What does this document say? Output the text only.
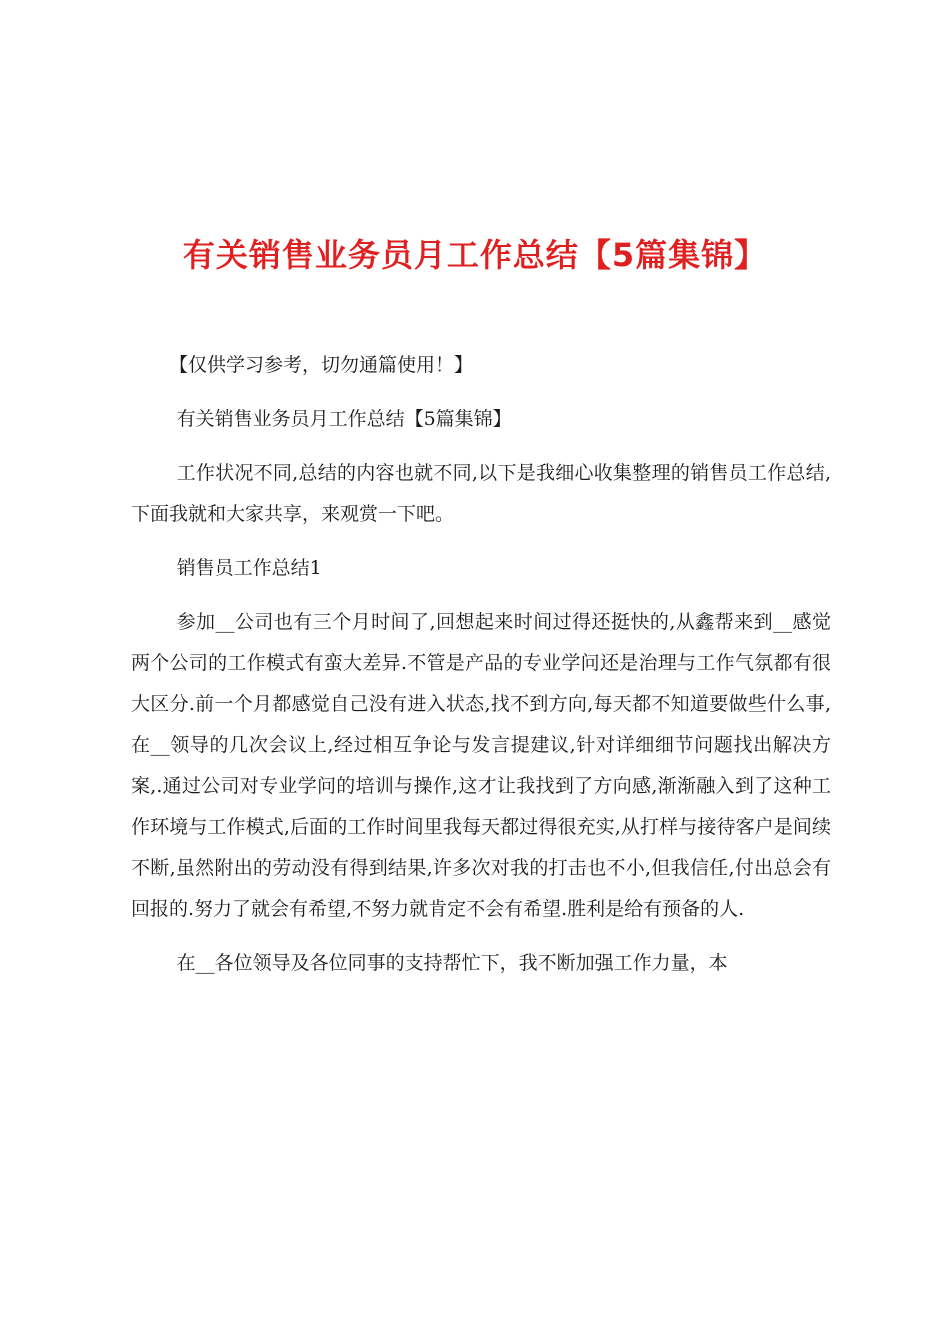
有关销售业务员月工作总结【5篇集锦】

【仅供学习参考，切勿通篇使用！】

有关销售业务员月工作总结【5篇集锦】

工作状况不同,总结的内容也就不同,以下是我细心收集整理的销售员工作总结,下面我就和大家共享，来观赏一下吧。

销售员工作总结1

参加__公司也有三个月时间了,回想起来时间过得还挺快的,从鑫帮来到__感觉两个公司的工作模式有蛮大差异.不管是产品的专业学问还是治理与工作气氛都有很大区分.前一个月都感觉自己没有进入状态,找不到方向,每天都不知道要做些什么事,在__领导的几次会议上,经过相互争论与发言提建议,针对详细细节问题找出解决方案,.通过公司对专业学问的培训与操作,这才让我找到了方向感,渐渐融入到了这种工作环境与工作模式,后面的工作时间里我每天都过得很充实,从打样与接待客户是间续不断,虽然附出的劳动没有得到结果,许多次对我的打击也不小,但我信任,付出总会有回报的.努力了就会有希望,不努力就肯定不会有希望.胜利是给有预备的人.

在__各位领导及各位同事的支持帮忙下，我不断加强工作力量，本
